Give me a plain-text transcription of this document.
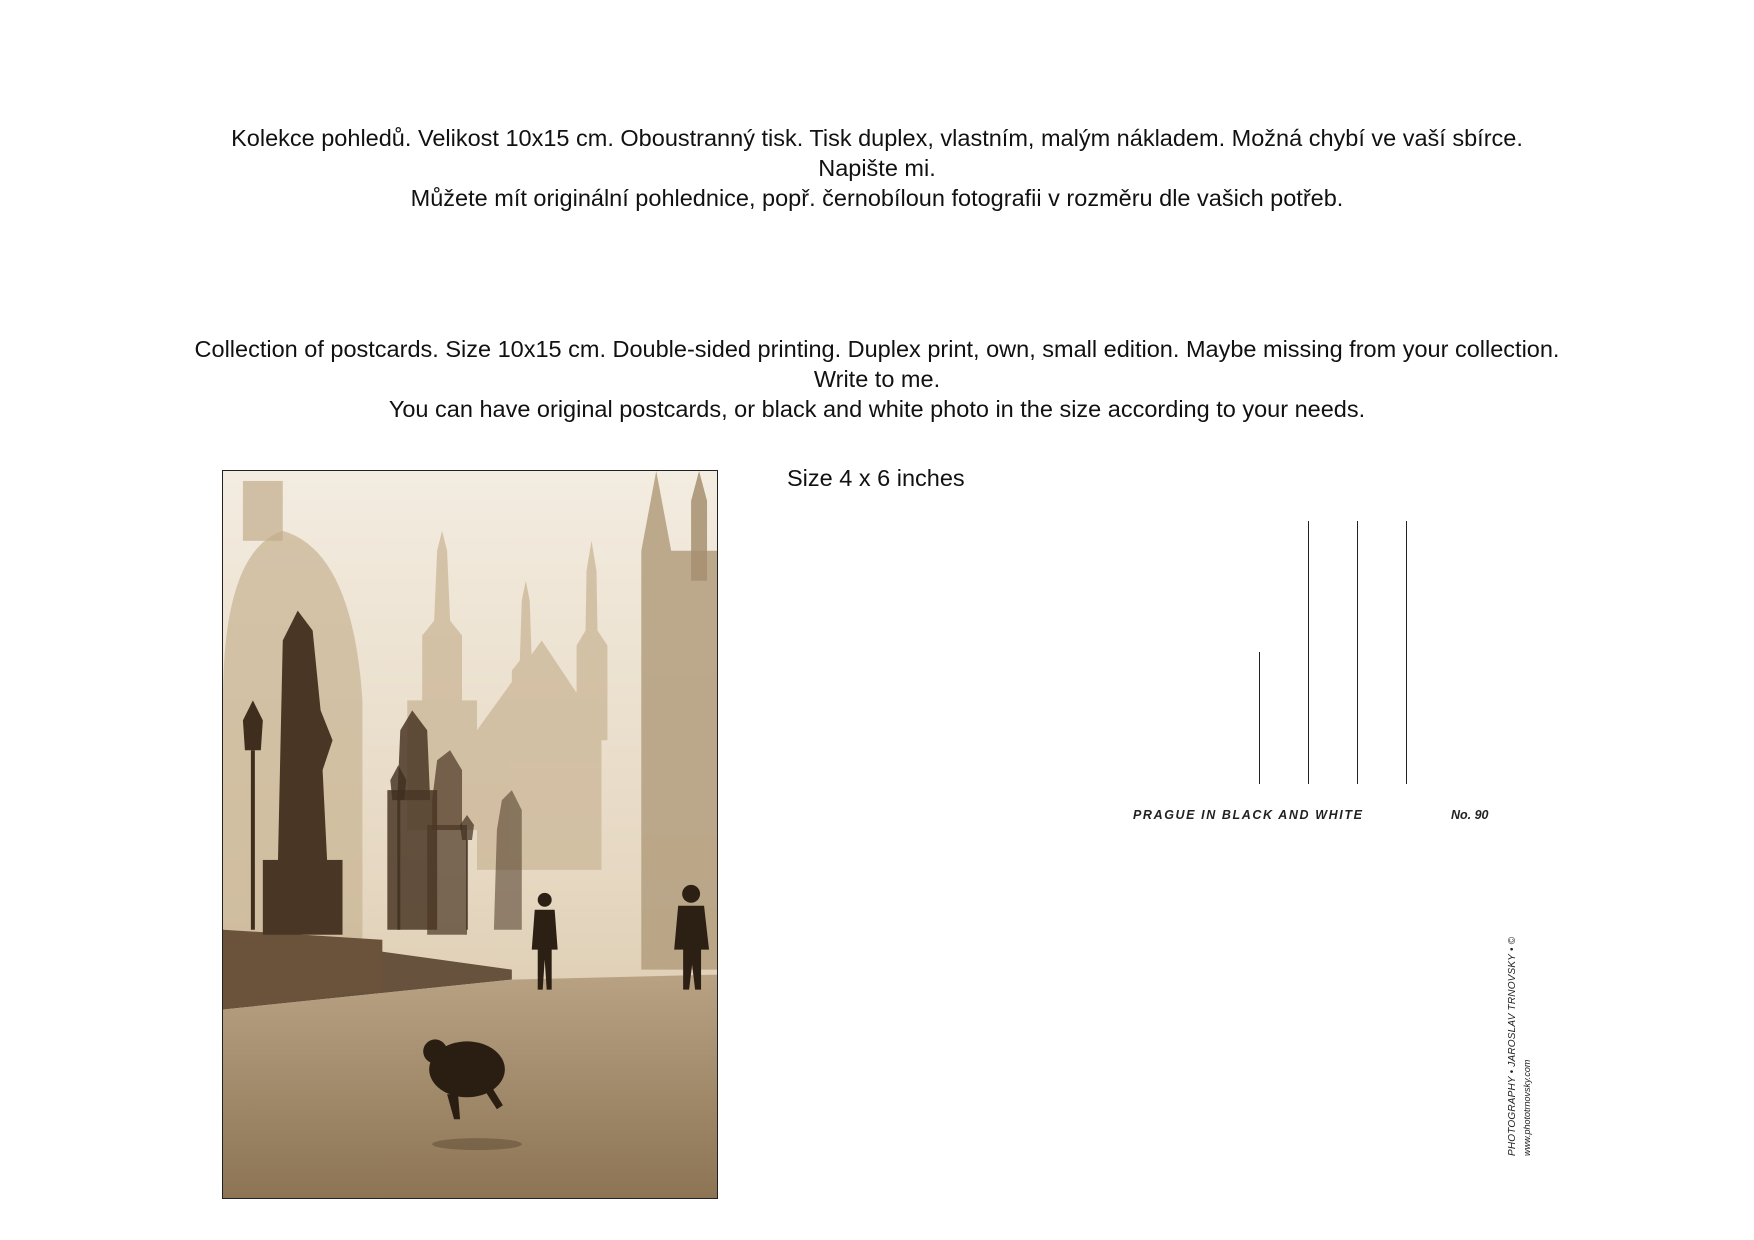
Kolekce pohledů. Velikost 10x15 cm. Oboustranný tisk. Tisk duplex, vlastním, malým nákladem. Možná chybí ve vaší sbírce.

Napište mi.

Můžete mít originální pohlednice, popř. černobíloun fotografii v rozměru dle vašich potřeb.

Collection of postcards. Size 10x15 cm. Double-sided printing. Duplex print, own, small edition. Maybe missing from your collection.

Write to me.

You can have original postcards, or black and white photo in the size according to your needs.

Size 4 x 6 inches
PRAGUE IN BLACK AND WHITE	No. 90
PHOTOGRAPHY • JAROSLAV TRNOVSKY • © www.phototrnovsky.com
